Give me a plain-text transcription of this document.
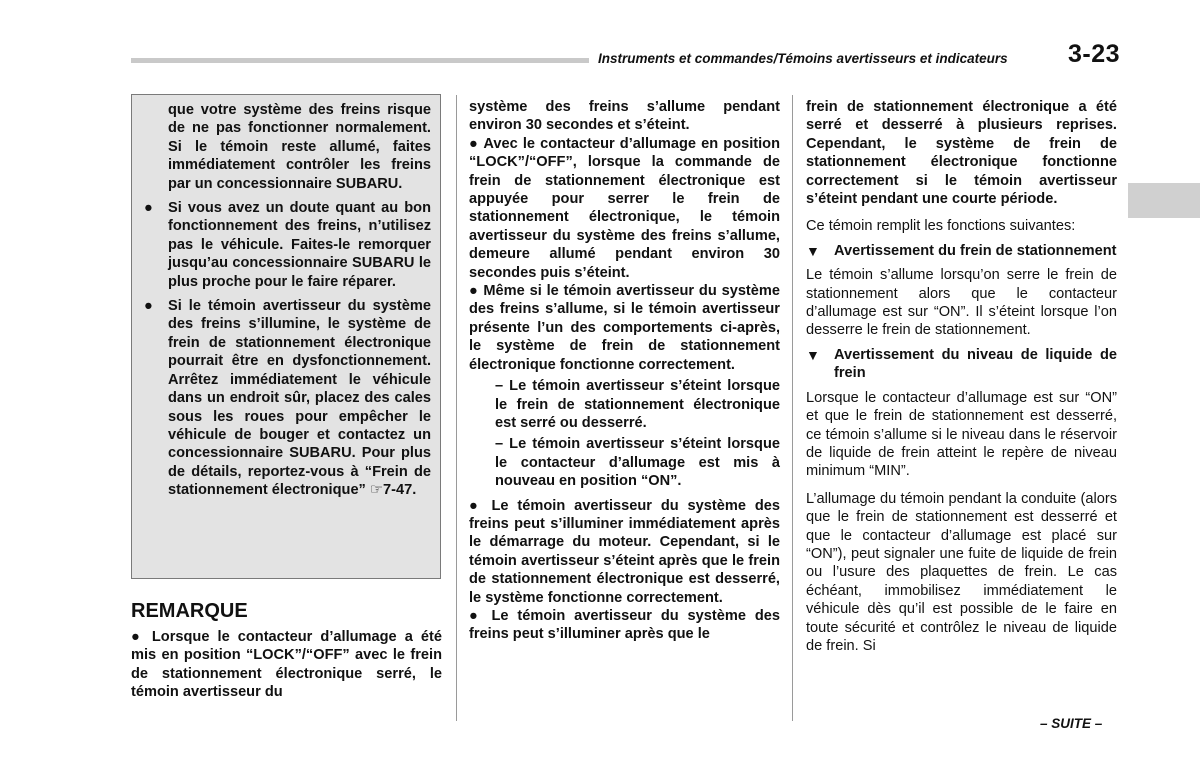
Instruments et commandes/Témoins avertisseurs et indicateurs	3-23

que votre système des freins risque de ne pas fonctionner normalement. Si le témoin reste allumé, faites immédiatement contrôler les freins par un concessionnaire SUBARU.

● Si vous avez un doute quant au bon fonctionnement des freins, n’utilisez pas le véhicule. Faites-le remorquer jusqu’au concessionnaire SUBARU le plus proche pour le faire réparer.
● Si le témoin avertisseur du système des freins s’illumine, le système de frein de stationnement électronique pourrait être en dysfonctionnement. Arrêtez immédiatement le véhicule dans un endroit sûr, placez des cales sous les roues pour empêcher le véhicule de bouger et contactez un concessionnaire SUBARU. Pour plus de détails, reportez-vous à “Frein de stationnement électronique” ☞7-47.
REMARQUE

● Lorsque le contacteur d’allumage a été mis en position “LOCK”/“OFF” avec le frein de stationnement électronique serré, le témoin avertisseur du

système des freins s’allume pendant environ 30 secondes et s’éteint.

● Avec le contacteur d’allumage en position “LOCK”/“OFF”, lorsque la commande de frein de stationnement électronique est appuyée pour serrer le frein de stationnement électronique, le témoin avertisseur du système des freins s’allume, demeure allumé pendant environ 30 secondes puis s’éteint.

● Même si le témoin avertisseur du système des freins s’allume, si le témoin avertisseur présente l’un des comportements ci-après, le système de frein de stationnement électronique fonctionne correctement.

– Le témoin avertisseur s’éteint lorsque le frein de stationnement électronique est serré ou desserré.

– Le témoin avertisseur s’éteint lorsque le contacteur d’allumage est mis à nouveau en position “ON”.

● Le témoin avertisseur du système des freins peut s’illuminer immédiatement après le démarrage du moteur. Cependant, si le témoin avertisseur s’éteint après que le frein de stationnement électronique est desserré, le système fonctionne correctement.

● Le témoin avertisseur du système des freins peut s’illuminer après que le

frein de stationnement électronique a été serré et desserré à plusieurs reprises. Cependant, le système de frein de stationnement électronique fonctionne correctement si le témoin avertisseur s’éteint pendant une courte période.

Ce témoin remplit les fonctions suivantes:

▼ Avertissement du frein de stationnement

Le témoin s’allume lorsqu’on serre le frein de stationnement alors que le contacteur d’allumage est sur “ON”. Il s’éteint lorsque l’on desserre le frein de stationnement.

▼ Avertissement du niveau de liquide de frein

Lorsque le contacteur d’allumage est sur “ON” et que le frein de stationnement est desserré, ce témoin s’allume si le niveau dans le réservoir de liquide de frein atteint le repère de niveau minimum “MIN”.

L’allumage du témoin pendant la conduite (alors que le frein de stationnement est desserré et que le contacteur d’allumage est placé sur “ON”), peut signaler une fuite de liquide de frein ou l’usure des plaquettes de frein. Le cas échéant, immobilisez immédiatement le véhicule dès qu’il est possible de le faire en toute sécurité et contrôlez le niveau de liquide de frein. Si

– SUITE –
